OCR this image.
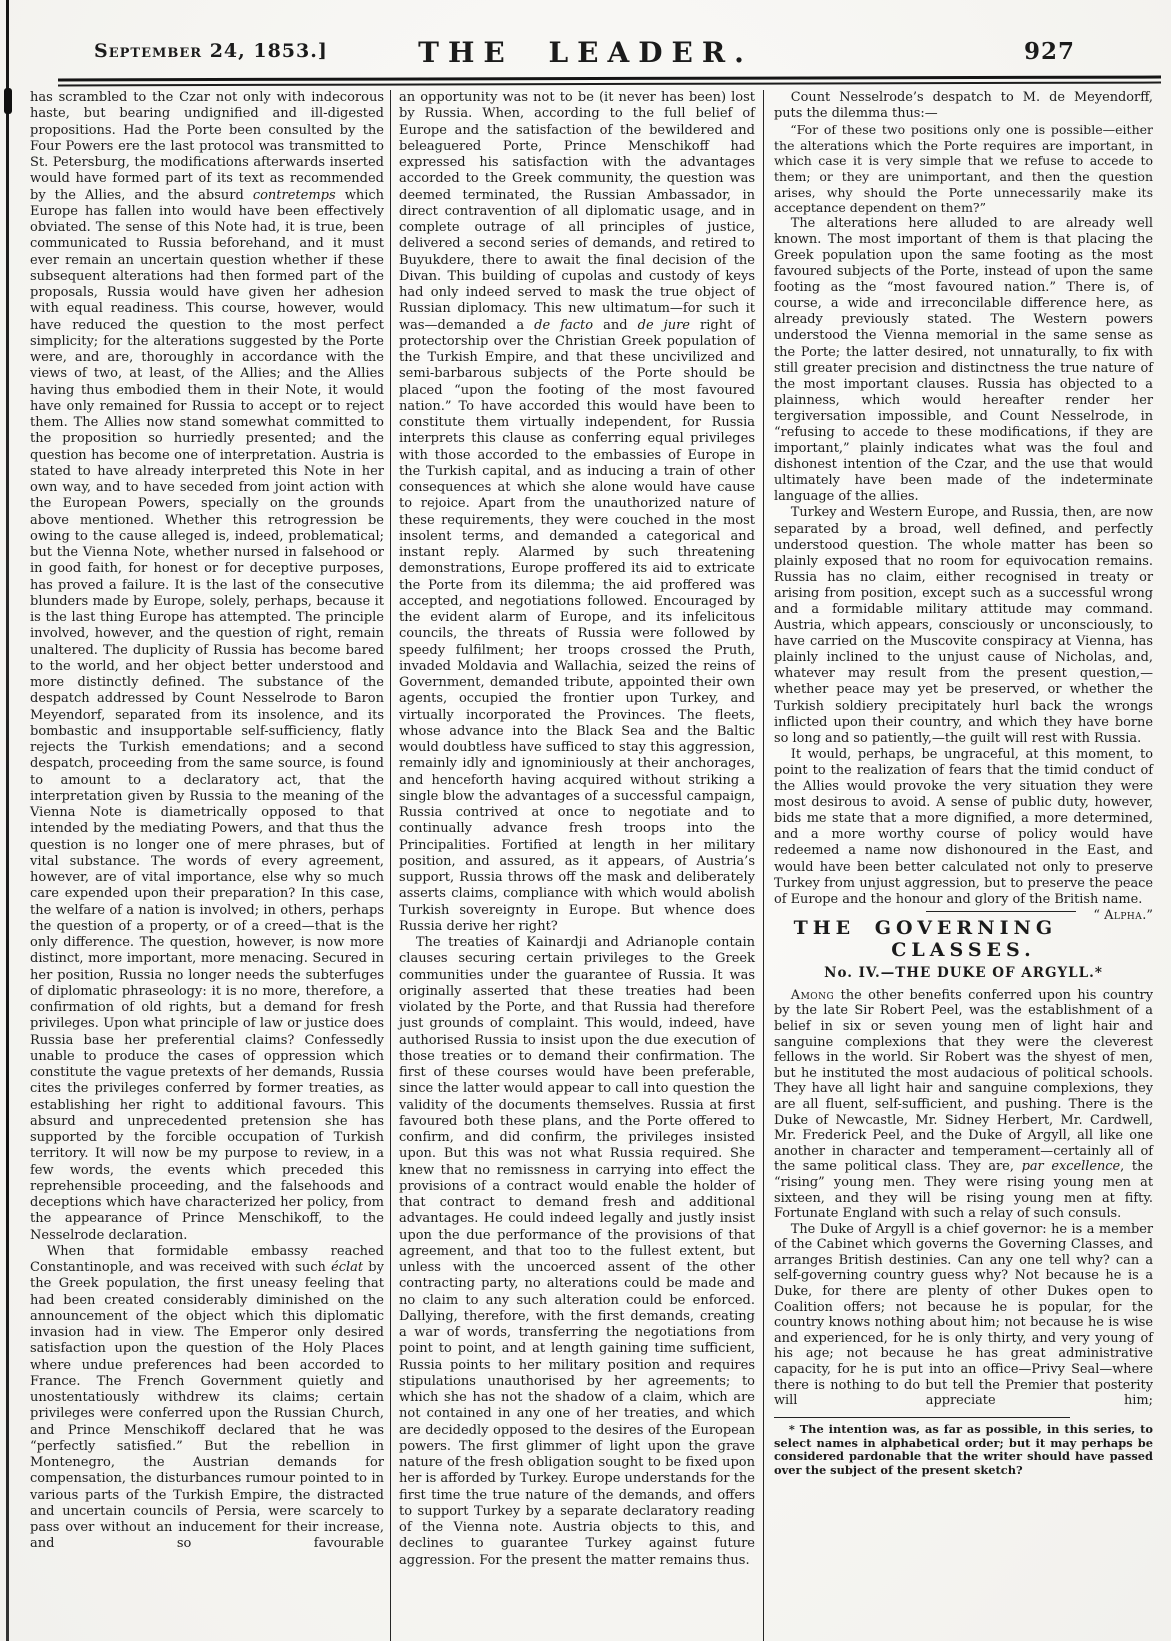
September 24, 1853.]	THE LEADER.	927

has scrambled to the Czar not only with indecorous haste, but bearing undignified and ill-digested propositions. Had the Porte been consulted by the Four Powers ere the last protocol was transmitted to St. Petersburg, the modifications afterwards inserted would have formed part of its text as recommended by the Allies, and the absurd contretemps which Europe has fallen into would have been effectively obviated. The sense of this Note had, it is true, been communicated to Russia beforehand, and it must ever remain an uncertain question whether if these subsequent alterations had then formed part of the proposals, Russia would have given her adhesion with equal readiness. This course, however, would have reduced the question to the most perfect simplicity; for the alterations suggested by the Porte were, and are, thoroughly in accordance with the views of two, at least, of the Allies; and the Allies having thus embodied them in their Note, it would have only remained for Russia to accept or to reject them. The Allies now stand somewhat committed to the proposition so hurriedly presented; and the question has become one of interpretation. Austria is stated to have already interpreted this Note in her own way, and to have seceded from joint action with the European Powers, specially on the grounds above mentioned. Whether this retrogression be owing to the cause alleged is, indeed, problematical; but the Vienna Note, whether nursed in falsehood or in good faith, for honest or for deceptive purposes, has proved a failure. It is the last of the consecutive blunders made by Europe, solely, perhaps, because it is the last thing Europe has attempted. The principle involved, however, and the question of right, remain unaltered. The duplicity of Russia has become bared to the world, and her object better understood and more distinctly defined. The substance of the despatch addressed by Count Nesselrode to Baron Meyendorf, separated from its insolence, and its bombastic and insupportable self-sufficiency, flatly rejects the Turkish emendations; and a second despatch, proceeding from the same source, is found to amount to a declaratory act, that the interpretation given by Russia to the meaning of the Vienna Note is diametrically opposed to that intended by the mediating Powers, and that thus the question is no longer one of mere phrases, but of vital substance. The words of every agreement, however, are of vital importance, else why so much care expended upon their preparation? In this case, the welfare of a nation is involved; in others, perhaps the question of a property, or of a creed—that is the only difference. The question, however, is now more distinct, more important, more menacing. Secured in her position, Russia no longer needs the subterfuges of diplomatic phraseology: it is no more, therefore, a confirmation of old rights, but a demand for fresh privileges. Upon what principle of law or justice does Russia base her preferential claims? Confessedly unable to produce the cases of oppression which constitute the vague pretexts of her demands, Russia cites the privileges conferred by former treaties, as establishing her right to additional favours. This absurd and unprecedented pretension she has supported by the forcible occupation of Turkish territory. It will now be my purpose to review, in a few words, the events which preceded this reprehensible proceeding, and the falsehoods and deceptions which have characterized her policy, from the appearance of Prince Menschikoff, to the Nesselrode declaration.

When that formidable embassy reached Constantinople, and was received with such éclat by the Greek population, the first uneasy feeling that had been created considerably diminished on the announcement of the object which this diplomatic invasion had in view. The Emperor only desired satisfaction upon the question of the Holy Places where undue preferences had been accorded to France. The French Government quietly and unostentatiously withdrew its claims; certain privileges were conferred upon the Russian Church, and Prince Menschikoff declared that he was “perfectly satisfied.” But the rebellion in Montenegro, the Austrian demands for compensation, the disturbances rumour pointed to in various parts of the Turkish Empire, the distracted and uncertain councils of Persia, were scarcely to pass over without an inducement for their increase, and so favourable

an opportunity was not to be (it never has been) lost by Russia. When, according to the full belief of Europe and the satisfaction of the bewildered and beleaguered Porte, Prince Menschikoff had expressed his satisfaction with the advantages accorded to the Greek community, the question was deemed terminated, the Russian Ambassador, in direct contravention of all diplomatic usage, and in complete outrage of all principles of justice, delivered a second series of demands, and retired to Buyukdere, there to await the final decision of the Divan. This building of cupolas and custody of keys had only indeed served to mask the true object of Russian diplomacy. This new ultimatum—for such it was—demanded a de facto and de jure right of protectorship over the Christian Greek population of the Turkish Empire, and that these uncivilized and semi-barbarous subjects of the Porte should be placed “upon the footing of the most favoured nation.” To have accorded this would have been to constitute them virtually independent, for Russia interprets this clause as conferring equal privileges with those accorded to the embassies of Europe in the Turkish capital, and as inducing a train of other consequences at which she alone would have cause to rejoice. Apart from the unauthorized nature of these requirements, they were couched in the most insolent terms, and demanded a categorical and instant reply. Alarmed by such threatening demonstrations, Europe proffered its aid to extricate the Porte from its dilemma; the aid proffered was accepted, and negotiations followed. Encouraged by the evident alarm of Europe, and its infelicitous councils, the threats of Russia were followed by speedy fulfilment; her troops crossed the Pruth, invaded Moldavia and Wallachia, seized the reins of Government, demanded tribute, appointed their own agents, occupied the frontier upon Turkey, and virtually incorporated the Provinces. The fleets, whose advance into the Black Sea and the Baltic would doubtless have sufficed to stay this aggression, remainly idly and ignominiously at their anchorages, and henceforth having acquired without striking a single blow the advantages of a successful campaign, Russia contrived at once to negotiate and to continually advance fresh troops into the Principalities. Fortified at length in her military position, and assured, as it appears, of Austria’s support, Russia throws off the mask and deliberately asserts claims, compliance with which would abolish Turkish sovereignty in Europe. But whence does Russia derive her right?

The treaties of Kainardji and Adrianople contain clauses securing certain privileges to the Greek communities under the guarantee of Russia. It was originally asserted that these treaties had been violated by the Porte, and that Russia had therefore just grounds of complaint. This would, indeed, have authorised Russia to insist upon the due execution of those treaties or to demand their confirmation. The first of these courses would have been preferable, since the latter would appear to call into question the validity of the documents themselves. Russia at first favoured both these plans, and the Porte offered to confirm, and did confirm, the privileges insisted upon. But this was not what Russia required. She knew that no remissness in carrying into effect the provisions of a contract would enable the holder of that contract to demand fresh and additional advantages. He could indeed legally and justly insist upon the due performance of the provisions of that agreement, and that too to the fullest extent, but unless with the uncoerced assent of the other contracting party, no alterations could be made and no claim to any such alteration could be enforced. Dallying, therefore, with the first demands, creating a war of words, transferring the negotiations from point to point, and at length gaining time sufficient, Russia points to her military position and requires stipulations unauthorised by her agreements; to which she has not the shadow of a claim, which are not contained in any one of her treaties, and which are decidedly opposed to the desires of the European powers. The first glimmer of light upon the grave nature of the fresh obligation sought to be fixed upon her is afforded by Turkey. Europe understands for the first time the true nature of the demands, and offers to support Turkey by a separate declaratory reading of the Vienna note. Austria objects to this, and declines to guarantee Turkey against future aggression. For the present the matter remains thus.

Count Nesselrode’s despatch to M. de Meyendorff, puts the dilemma thus:—

“For of these two positions only one is possible—either the alterations which the Porte requires are important, in which case it is very simple that we refuse to accede to them; or they are unimportant, and then the question arises, why should the Porte unnecessarily make its acceptance dependent on them?”

The alterations here alluded to are already well known. The most important of them is that placing the Greek population upon the same footing as the most favoured subjects of the Porte, instead of upon the same footing as the “most favoured nation.” There is, of course, a wide and irreconcilable difference here, as already previously stated. The Western powers understood the Vienna memorial in the same sense as the Porte; the latter desired, not unnaturally, to fix with still greater precision and distinctness the true nature of the most important clauses. Russia has objected to a plainness, which would hereafter render her tergiversation impossible, and Count Nesselrode, in “refusing to accede to these modifications, if they are important,” plainly indicates what was the foul and dishonest intention of the Czar, and the use that would ultimately have been made of the indeterminate language of the allies.

Turkey and Western Europe, and Russia, then, are now separated by a broad, well defined, and perfectly understood question. The whole matter has been so plainly exposed that no room for equivocation remains. Russia has no claim, either recognised in treaty or arising from position, except such as a successful wrong and a formidable military attitude may command. Austria, which appears, consciously or unconsciously, to have carried on the Muscovite conspiracy at Vienna, has plainly inclined to the unjust cause of Nicholas, and, whatever may result from the present question,—whether peace may yet be preserved, or whether the Turkish soldiery precipitately hurl back the wrongs inflicted upon their country, and which they have borne so long and so patiently,—the guilt will rest with Russia.

It would, perhaps, be ungraceful, at this moment, to point to the realization of fears that the timid conduct of the Allies would provoke the very situation they were most desirous to avoid. A sense of public duty, however, bids me state that a more dignified, a more determined, and a more worthy course of policy would have redeemed a name now dishonoured in the East, and would have been better calculated not only to preserve Turkey from unjust aggression, but to preserve the peace of Europe and the honour and glory of the British name.
“ Alpha.”

THE GOVERNING CLASSES.
No. IV.—THE DUKE OF ARGYLL.*

Among the other benefits conferred upon his country by the late Sir Robert Peel, was the establishment of a belief in six or seven young men of light hair and sanguine complexions that they were the cleverest fellows in the world. Sir Robert was the shyest of men, but he instituted the most audacious of political schools. They have all light hair and sanguine complexions, they are all fluent, self-sufficient, and pushing. There is the Duke of Newcastle, Mr. Sidney Herbert, Mr. Cardwell, Mr. Frederick Peel, and the Duke of Argyll, all like one another in character and temperament—certainly all of the same political class. They are, par excellence, the “rising” young men. They were rising young men at sixteen, and they will be rising young men at fifty. Fortunate England with such a relay of such consuls.

The Duke of Argyll is a chief governor: he is a member of the Cabinet which governs the Governing Classes, and arranges British destinies. Can any one tell why? can a self-governing country guess why? Not because he is a Duke, for there are plenty of other Dukes open to Coalition offers; not because he is popular, for the country knows nothing about him; not because he is wise and experienced, for he is only thirty, and very young of his age; not because he has great administrative capacity, for he is put into an office—Privy Seal—where there is nothing to do but tell the Premier that posterity will appreciate him;

* The intention was, as far as possible, in this series, to select names in alphabetical order; but it may perhaps be considered pardonable that the writer should have passed over the subject of the present sketch?
